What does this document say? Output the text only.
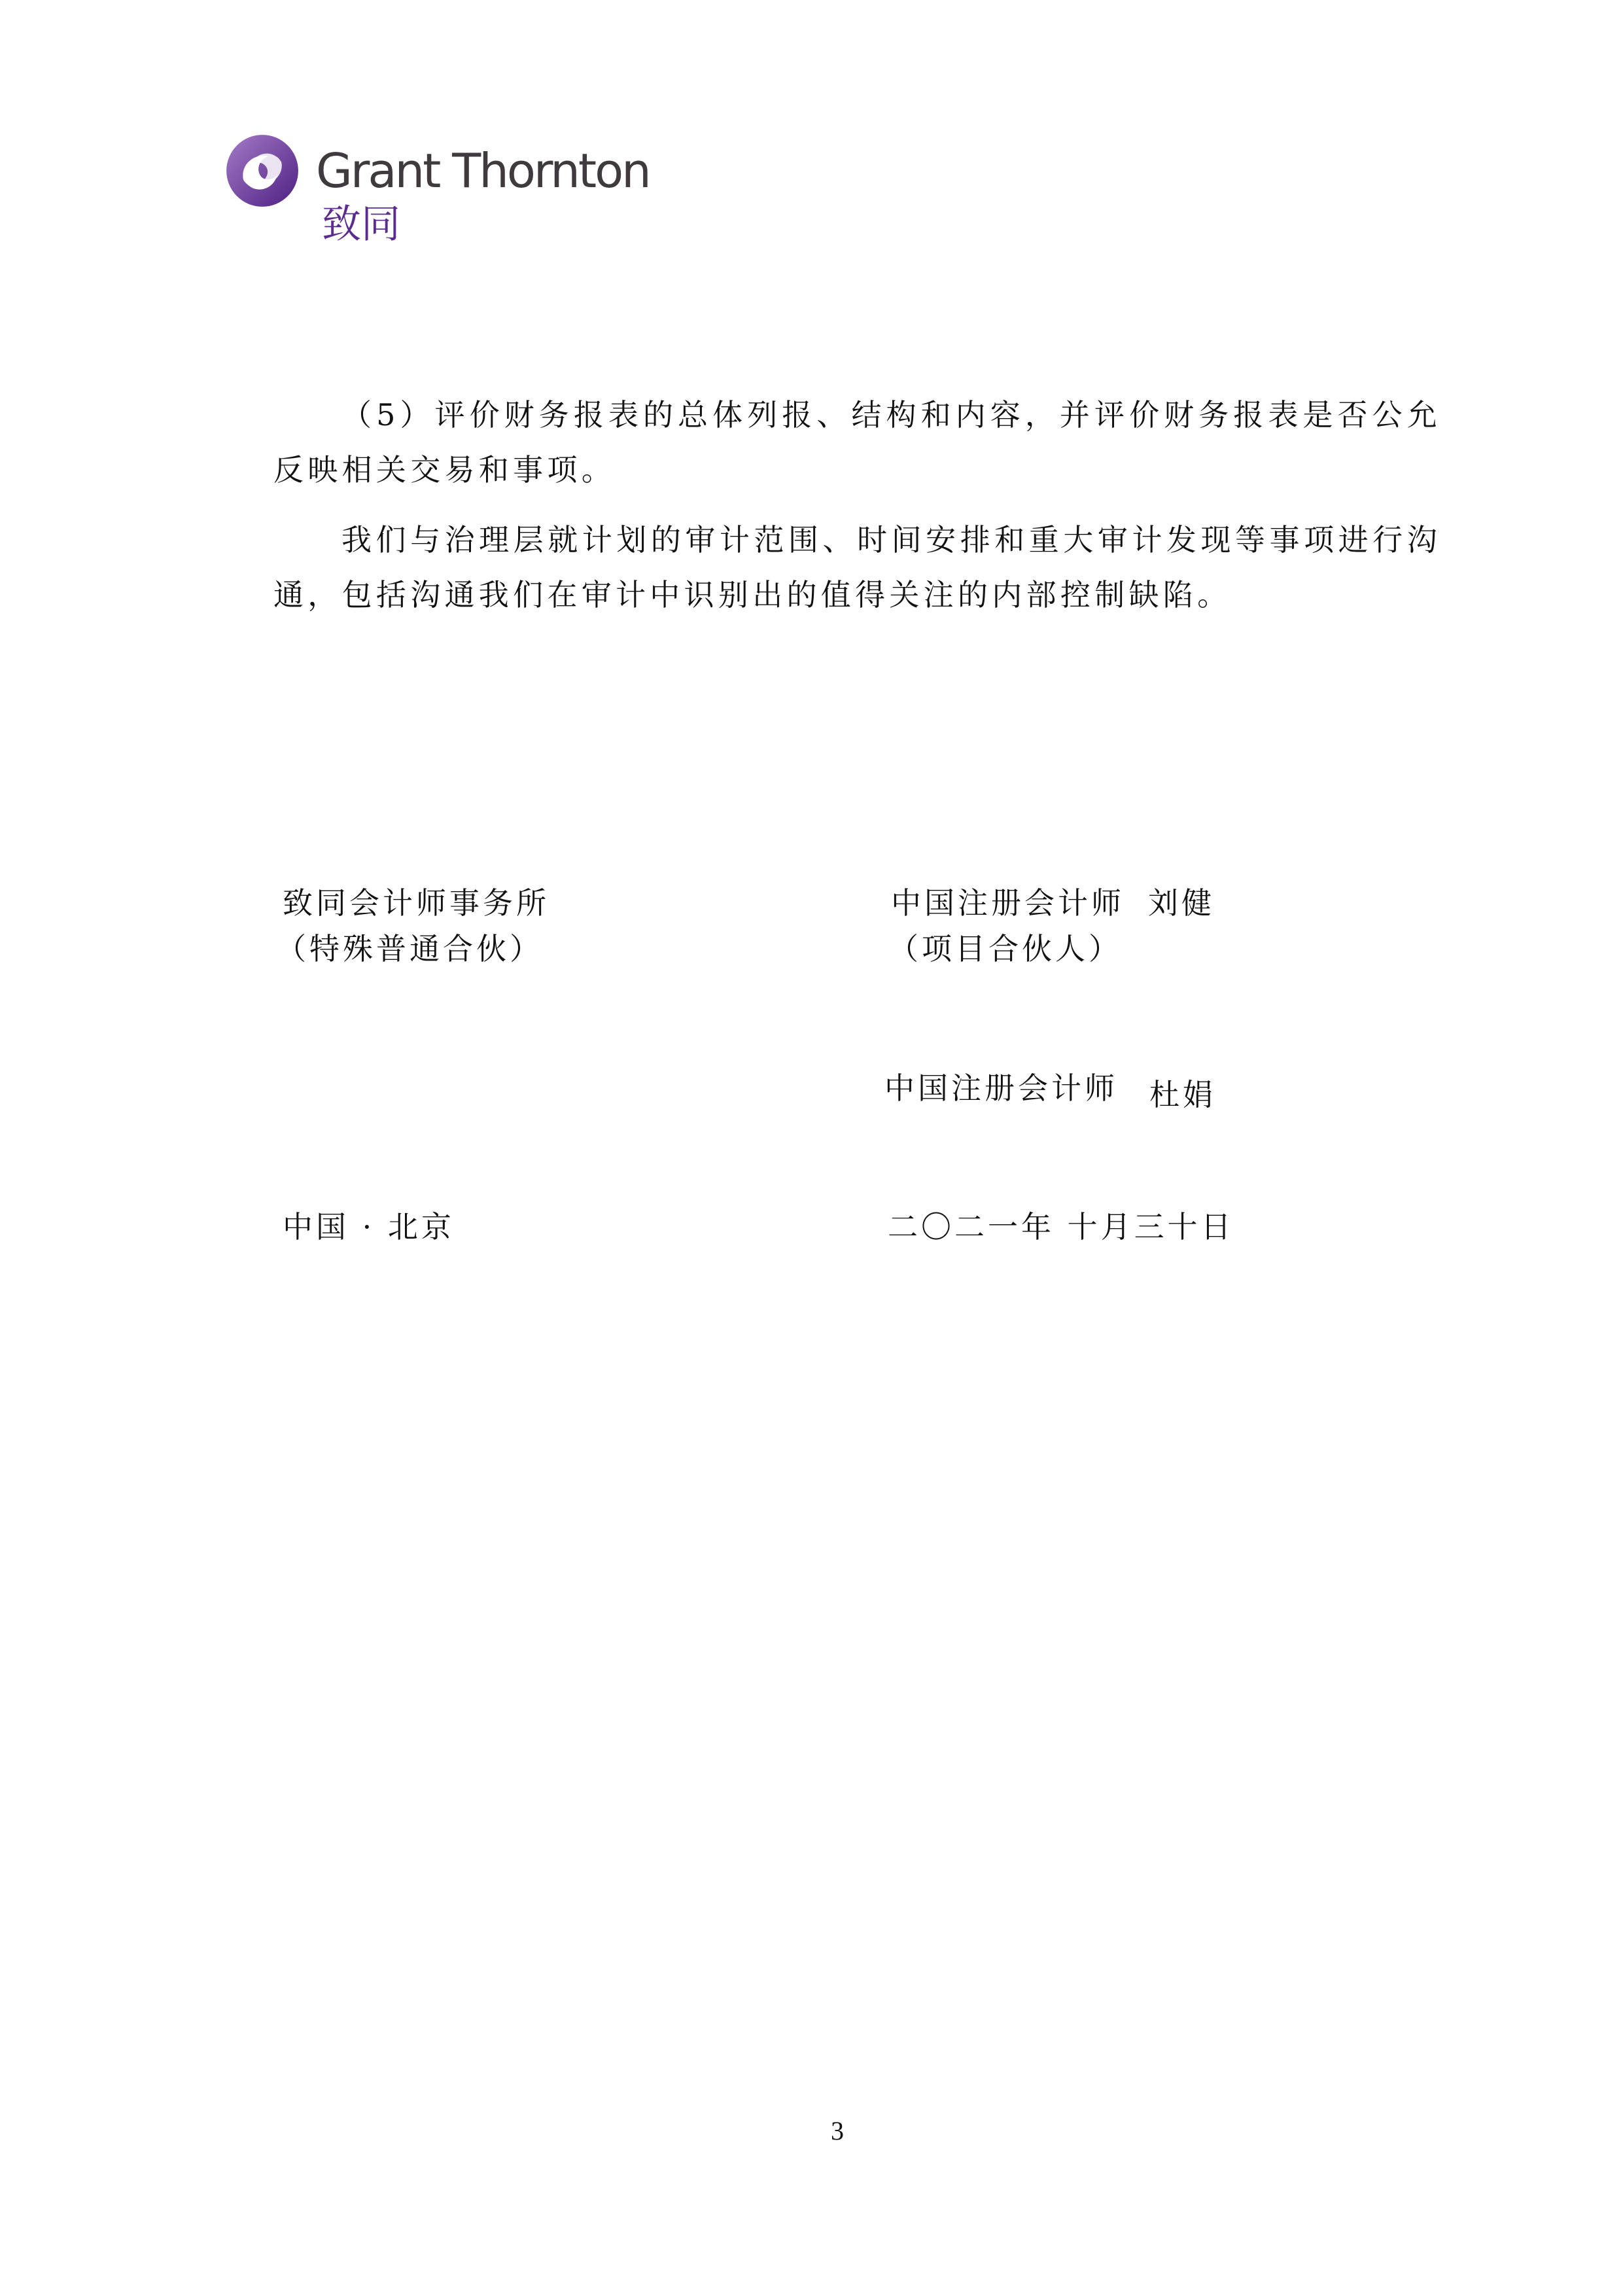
Grant Thornton
致同

（5）评价财务报表的总体列报、结构和内容，并评价财务报表是否公允反映相关交易和事项。

我们与治理层就计划的审计范围、时间安排和重大审计发现等事项进行沟通，包括沟通我们在审计中识别出的值得关注的内部控制缺陷。

致同会计师事务所
（特殊普通合伙）
中国注册会计师 刘健
（项目合伙人）
中国注册会计师 杜娟
中国 · 北京	二〇二一年 十月三十日
3
